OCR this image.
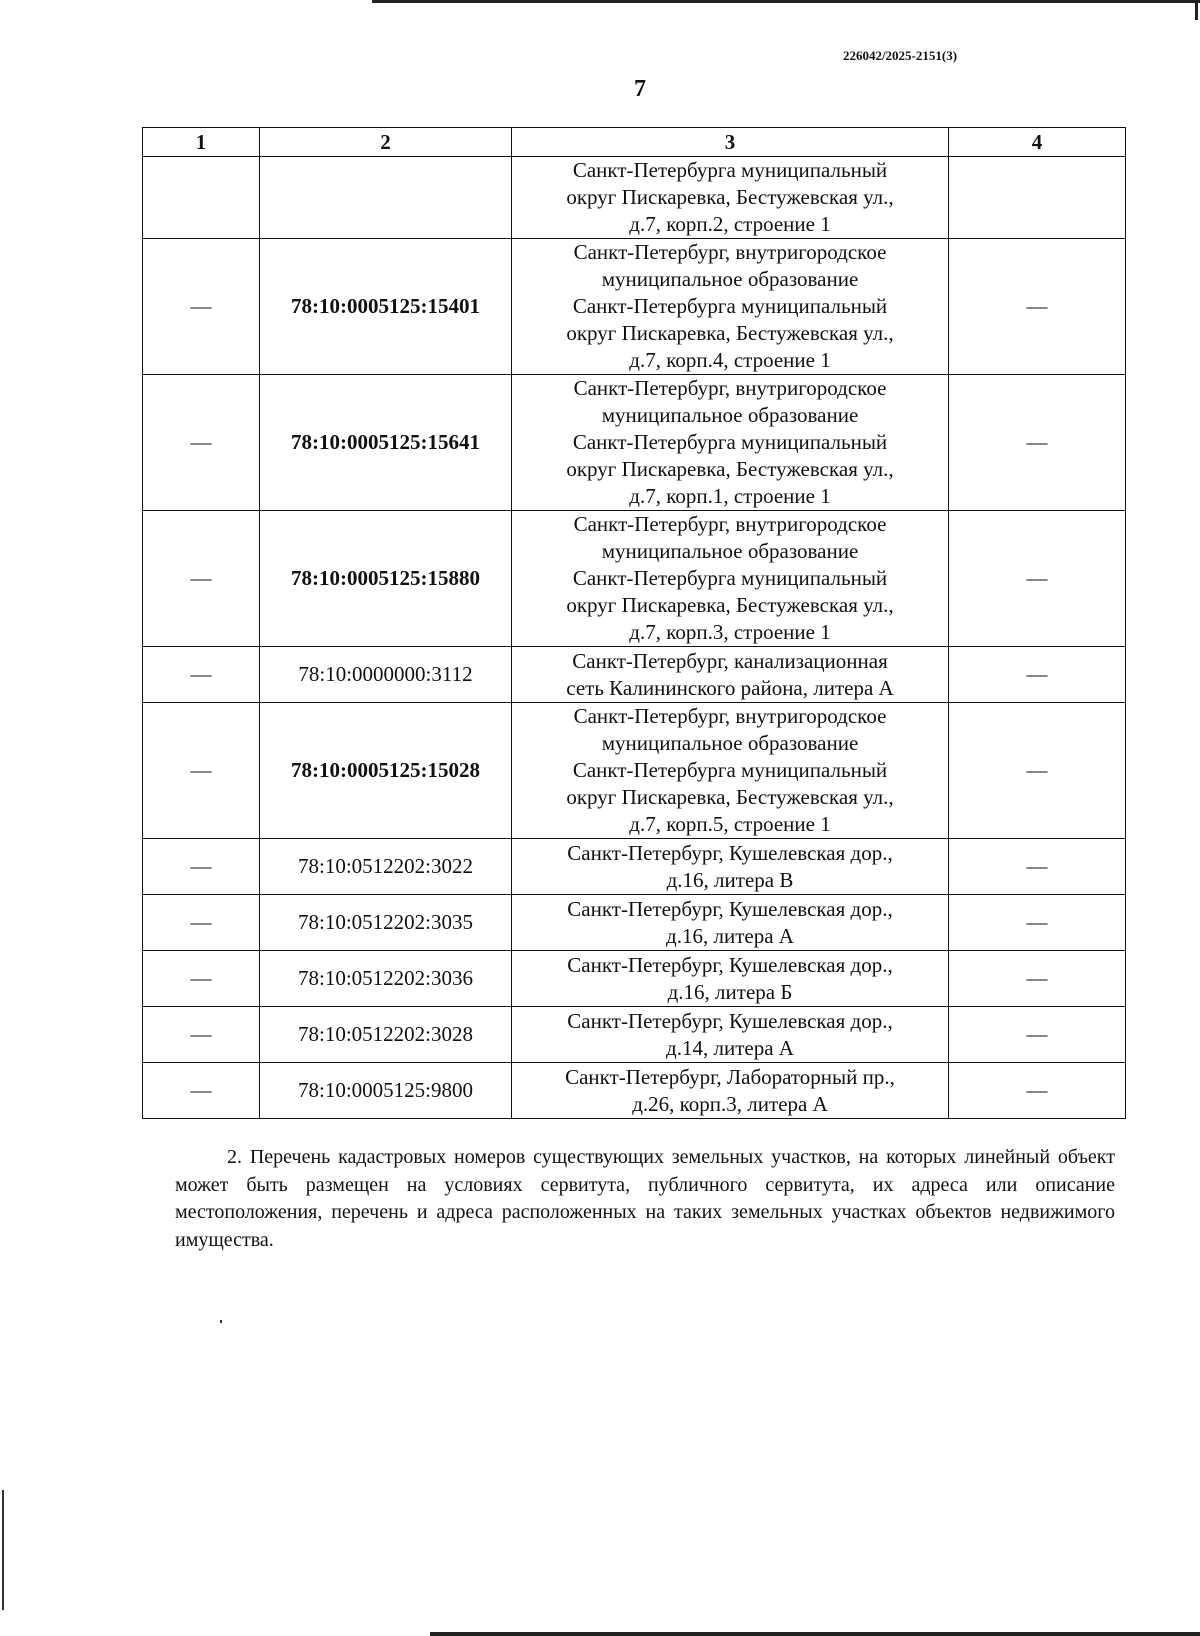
226042/2025-2151(3)
7
1	2	3	4
		Санкт-Петербурга муниципальный
округ Пискаревка, Бестужевская ул.,
д.7, корп.2, строение 1	
—	78:10:0005125:15401	Санкт-Петербург, внутригородское
муниципальное образование
Санкт-Петербурга муниципальный
округ Пискаревка, Бестужевская ул.,
д.7, корп.4, строение 1	—
—	78:10:0005125:15641	Санкт-Петербург, внутригородское
муниципальное образование
Санкт-Петербурга муниципальный
округ Пискаревка, Бестужевская ул.,
д.7, корп.1, строение 1	—
—	78:10:0005125:15880	Санкт-Петербург, внутригородское
муниципальное образование
Санкт-Петербурга муниципальный
округ Пискаревка, Бестужевская ул.,
д.7, корп.3, строение 1	—
—	78:10:0000000:3112	Санкт-Петербург, канализационная
сеть Калининского района, литера А	—
—	78:10:0005125:15028	Санкт-Петербург, внутригородское
муниципальное образование
Санкт-Петербурга муниципальный
округ Пискаревка, Бестужевская ул.,
д.7, корп.5, строение 1	—
—	78:10:0512202:3022	Санкт-Петербург, Кушелевская дор.,
д.16, литера В	—
—	78:10:0512202:3035	Санкт-Петербург, Кушелевская дор.,
д.16, литера А	—
—	78:10:0512202:3036	Санкт-Петербург, Кушелевская дор.,
д.16, литера Б	—
—	78:10:0512202:3028	Санкт-Петербург, Кушелевская дор.,
д.14, литера А	—
—	78:10:0005125:9800	Санкт-Петербург, Лабораторный пр.,
д.26, корп.3, литера А	—
2. Перечень кадастровых номеров существующих земельных участков, на которых линейный объект может быть размещен на условиях сервитута, публичного сервитута, их адреса или описание местоположения, перечень и адреса расположенных на таких земельных участках объектов недвижимого имущества.
